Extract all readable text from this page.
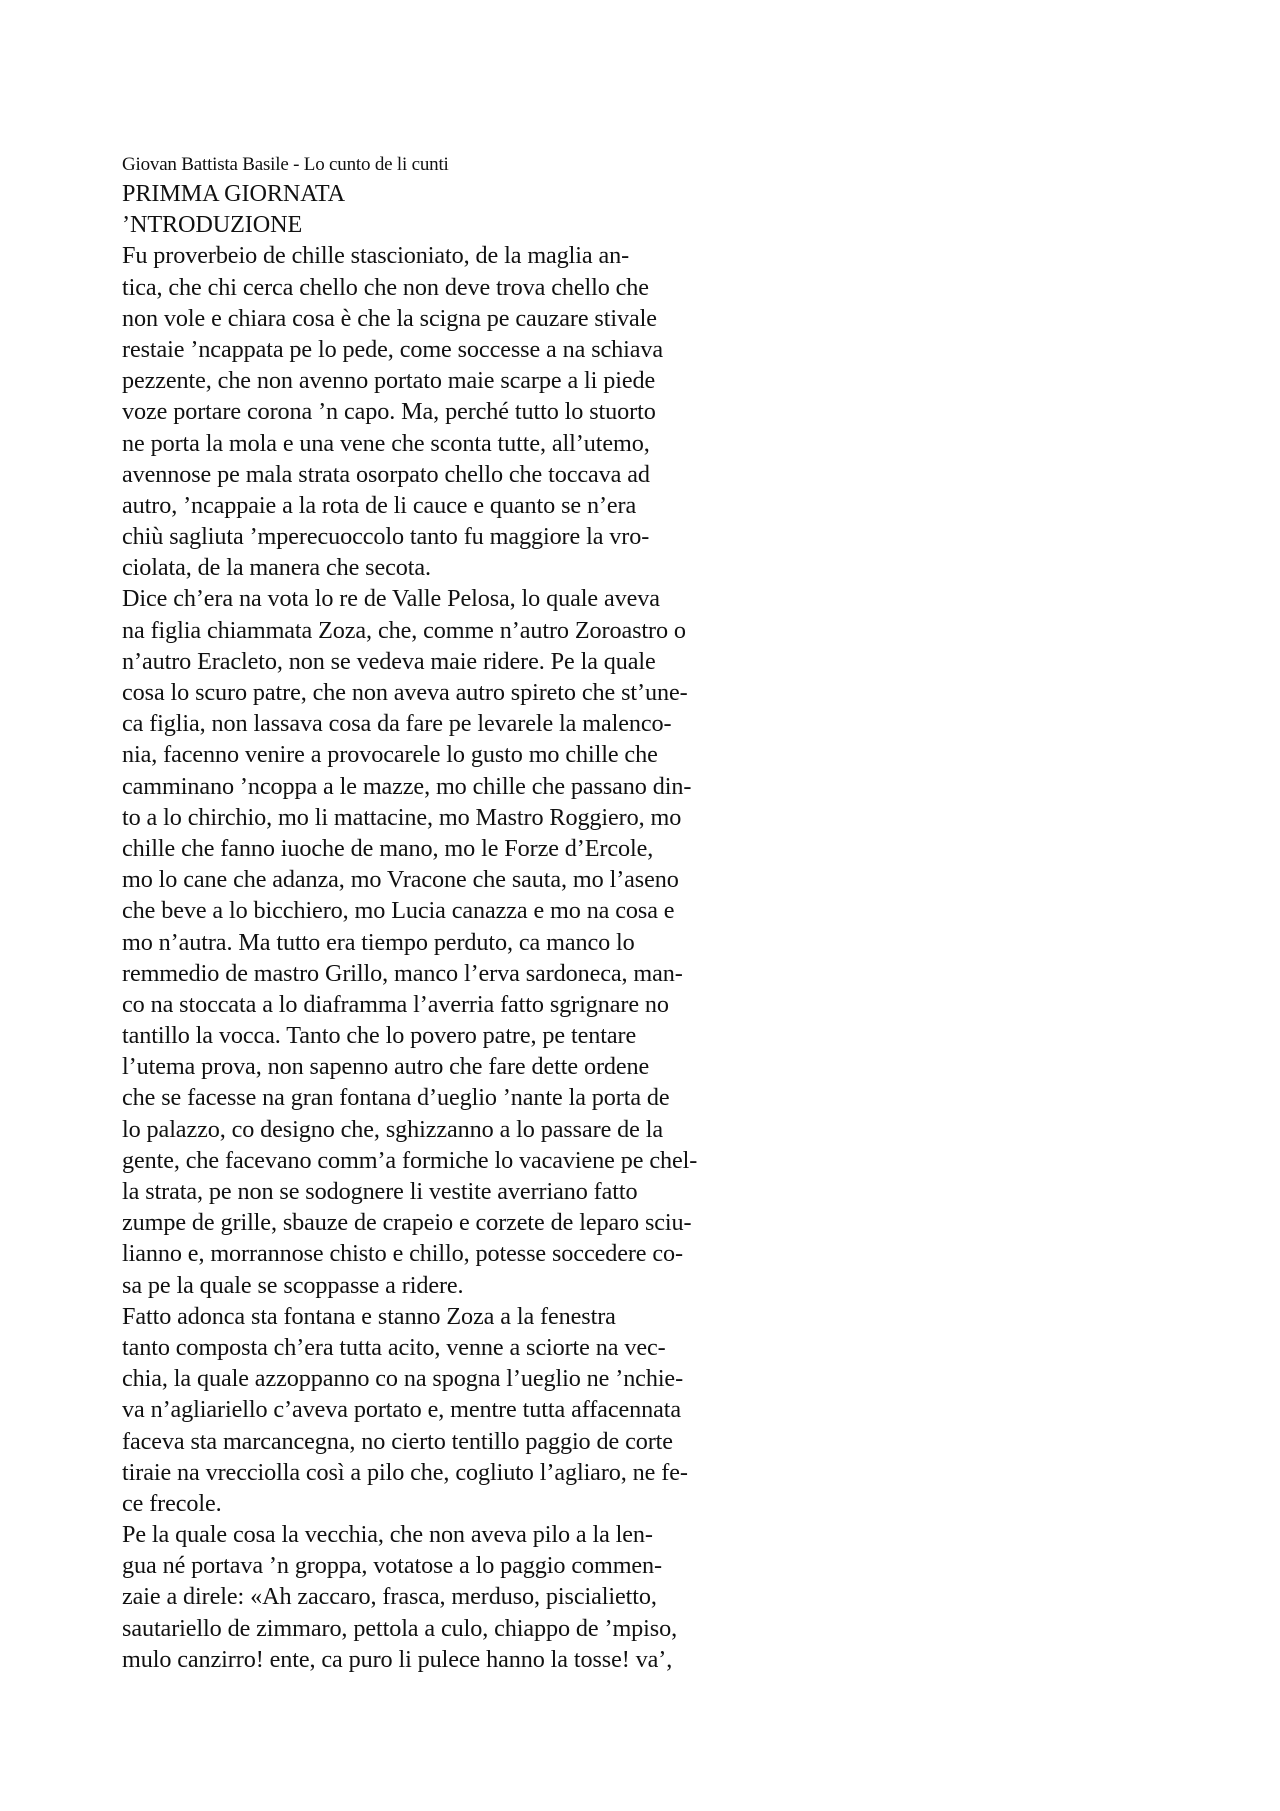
Giovan Battista Basile - Lo cunto de li cunti
PRIMMA GIORNATA
’NTRODUZIONE
Fu proverbeio de chille stascioniato, de la maglia an-
tica, che chi cerca chello che non deve trova chello che
non vole e chiara cosa è che la scigna pe cauzare stivale
restaie ’ncappata pe lo pede, come soccesse a na schiava
pezzente, che non avenno portato maie scarpe a li piede
voze portare corona ’n capo. Ma, perché tutto lo stuorto
ne porta la mola e una vene che sconta tutte, all’utemo,
avennose pe mala strata osorpato chello che toccava ad
autro, ’ncappaie a la rota de li cauce e quanto se n’era
chiù sagliuta ’mperecuoccolo tanto fu maggiore la vro-
ciolata, de la manera che secota.
Dice ch’era na vota lo re de Valle Pelosa, lo quale aveva
na figlia chiammata Zoza, che, comme n’autro Zoroastro o
n’autro Eracleto, non se vedeva maie ridere. Pe la quale
cosa lo scuro patre, che non aveva autro spireto che st’une-
ca figlia, non lassava cosa da fare pe levarele la malenco-
nia, facenno venire a provocarele lo gusto mo chille che
camminano ’ncoppa a le mazze, mo chille che passano din-
to a lo chirchio, mo li mattacine, mo Mastro Roggiero, mo
chille che fanno iuoche de mano, mo le Forze d’Ercole,
mo lo cane che adanza, mo Vracone che sauta, mo l’aseno
che beve a lo bicchiero, mo Lucia canazza e mo na cosa e
mo n’autra. Ma tutto era tiempo perduto, ca manco lo
remmedio de mastro Grillo, manco l’erva sardoneca, man-
co na stoccata a lo diaframma l’averria fatto sgrignare no
tantillo la vocca. Tanto che lo povero patre, pe tentare
l’utema prova, non sapenno autro che fare dette ordene
che se facesse na gran fontana d’ueglio ’nante la porta de
lo palazzo, co designo che, sghizzanno a lo passare de la
gente, che facevano comm’a formiche lo vacaviene pe chel-
la strata, pe non se sodognere li vestite averriano fatto
zumpe de grille, sbauze de crapeio e corzete de leparo sciu-
lianno e, morrannose chisto e chillo, potesse soccedere co-
sa pe la quale se scoppasse a ridere.
Fatto adonca sta fontana e stanno Zoza a la fenestra
tanto composta ch’era tutta acito, venne a sciorte na vec-
chia, la quale azzoppanno co na spogna l’ueglio ne ’nchie-
va n’agliariello c’aveva portato e, mentre tutta affacennata
faceva sta marcancegna, no cierto tentillo paggio de corte
tiraie na vrecciolla così a pilo che, cogliuto l’agliaro, ne fe-
ce frecole.
Pe la quale cosa la vecchia, che non aveva pilo a la len-
gua né portava ’n groppa, votatose a lo paggio commen-
zaie a direle: «Ah zaccaro, frasca, merduso, piscialietto,
sautariello de zimmaro, pettola a culo, chiappo de ’mpiso,
mulo canzirro! ente, ca puro li pulece hanno la tosse! va’,
